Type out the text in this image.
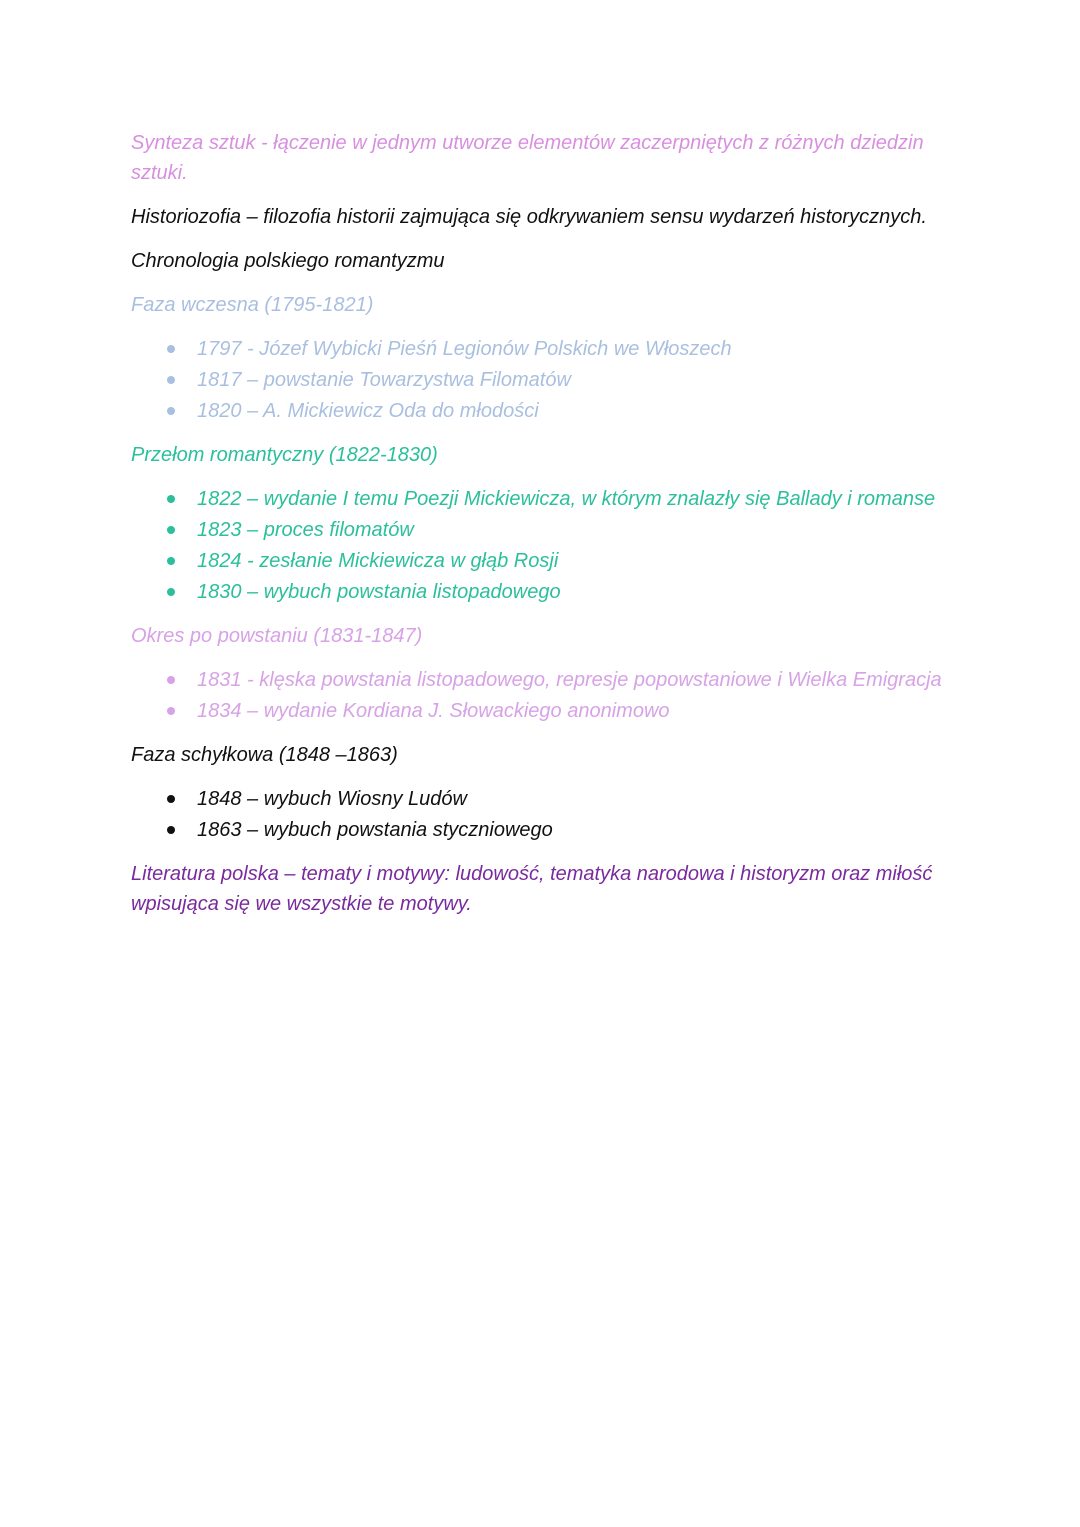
Synteza sztuk - łączenie w jednym utworze elementów zaczerpniętych z różnych dziedzin sztuki.

Historiozofia – filozofia historii zajmująca się odkrywaniem sensu wydarzeń historycznych.

Chronologia polskiego romantyzmu

Faza wczesna (1795-1821)

1797 - Józef Wybicki Pieśń Legionów Polskich we Włoszech
1817 – powstanie Towarzystwa Filomatów
1820 – A. Mickiewicz Oda do młodości

Przełom romantyczny (1822-1830)

1822 – wydanie I temu Poezji Mickiewicza, w którym znalazły się Ballady i romanse
1823 – proces filomatów
1824 - zesłanie Mickiewicza w głąb Rosji
1830 – wybuch powstania listopadowego

Okres po powstaniu (1831-1847)

1831 - klęska powstania listopadowego, represje popowstaniowe i Wielka Emigracja
1834 – wydanie Kordiana J. Słowackiego anonimowo

Faza schyłkowa (1848 –1863)

1848 – wybuch Wiosny Ludów
1863 – wybuch powstania styczniowego

Literatura polska – tematy i motywy: ludowość, tematyka narodowa i historyzm oraz miłość wpisująca się we wszystkie te motywy.
